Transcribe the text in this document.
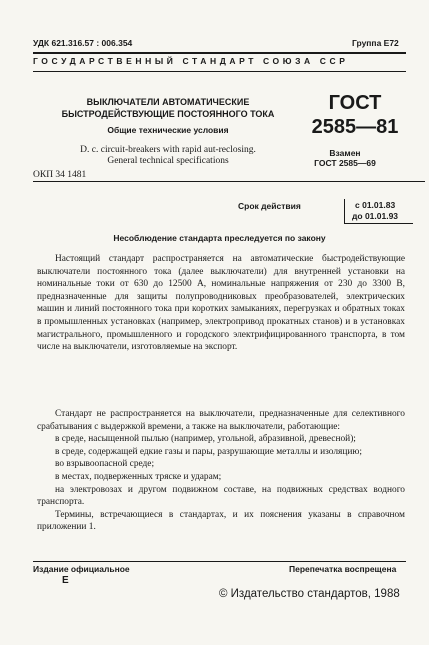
УДК 621.316.57 : 006.354	Группа Е72
ГОСУДАРСТВЕННЫЙ СТАНДАРТ СОЮЗА ССР
ВЫКЛЮЧАТЕЛИ АВТОМАТИЧЕСКИЕ
БЫСТРОДЕЙСТВУЮЩИЕ ПОСТОЯННОГО ТОКА
Общие технические условия
D. c. circuit-breakers with rapid aut-reclosing.
General technical specifications
ОКП 34 1481
ГОСТ
2585—81
Взамен
ГОСТ 2585—69
Срок действия	с 01.01.83
до 01.01.93
Несоблюдение стандарта преследуется по закону

Настоящий стандарт распространяется на автоматические быстродействующие выключатели постоянного тока (далее выключатели) для внутренней установки на номинальные токи от 630 до 12500 А, номинальные напряжения от 230 до 3300 В, предназначенные для защиты полупроводниковых преобразователей, электрических машин и линий постоянного тока при коротких замыканиях, перегрузках и обратных токах в промышленных установках (например, электропривод прокатных станов) и в установках магистрального, промышленного и городского электрифицированного транспорта, в том числе на выключатели, изготовляемые на экспорт.

Стандарт не распространяется на выключатели, предназначенные для селективного срабатывания с выдержкой времени, а также на выключатели, работающие:

в среде, насыщенной пылью (например, угольной, абразивной, древесной);

в среде, содержащей едкие газы и пары, разрушающие металлы и изоляцию;

во взрывоопасной среде;

в местах, подверженных тряске и ударам;

на электровозах и другом подвижном составе, на подвижных средствах водного транспорта.

Термины, встречающиеся в стандартах, и их пояснения указаны в справочном приложении 1.

Издание официальное
Е
Перепечатка воспрещена
© Издательство стандартов, 1988
